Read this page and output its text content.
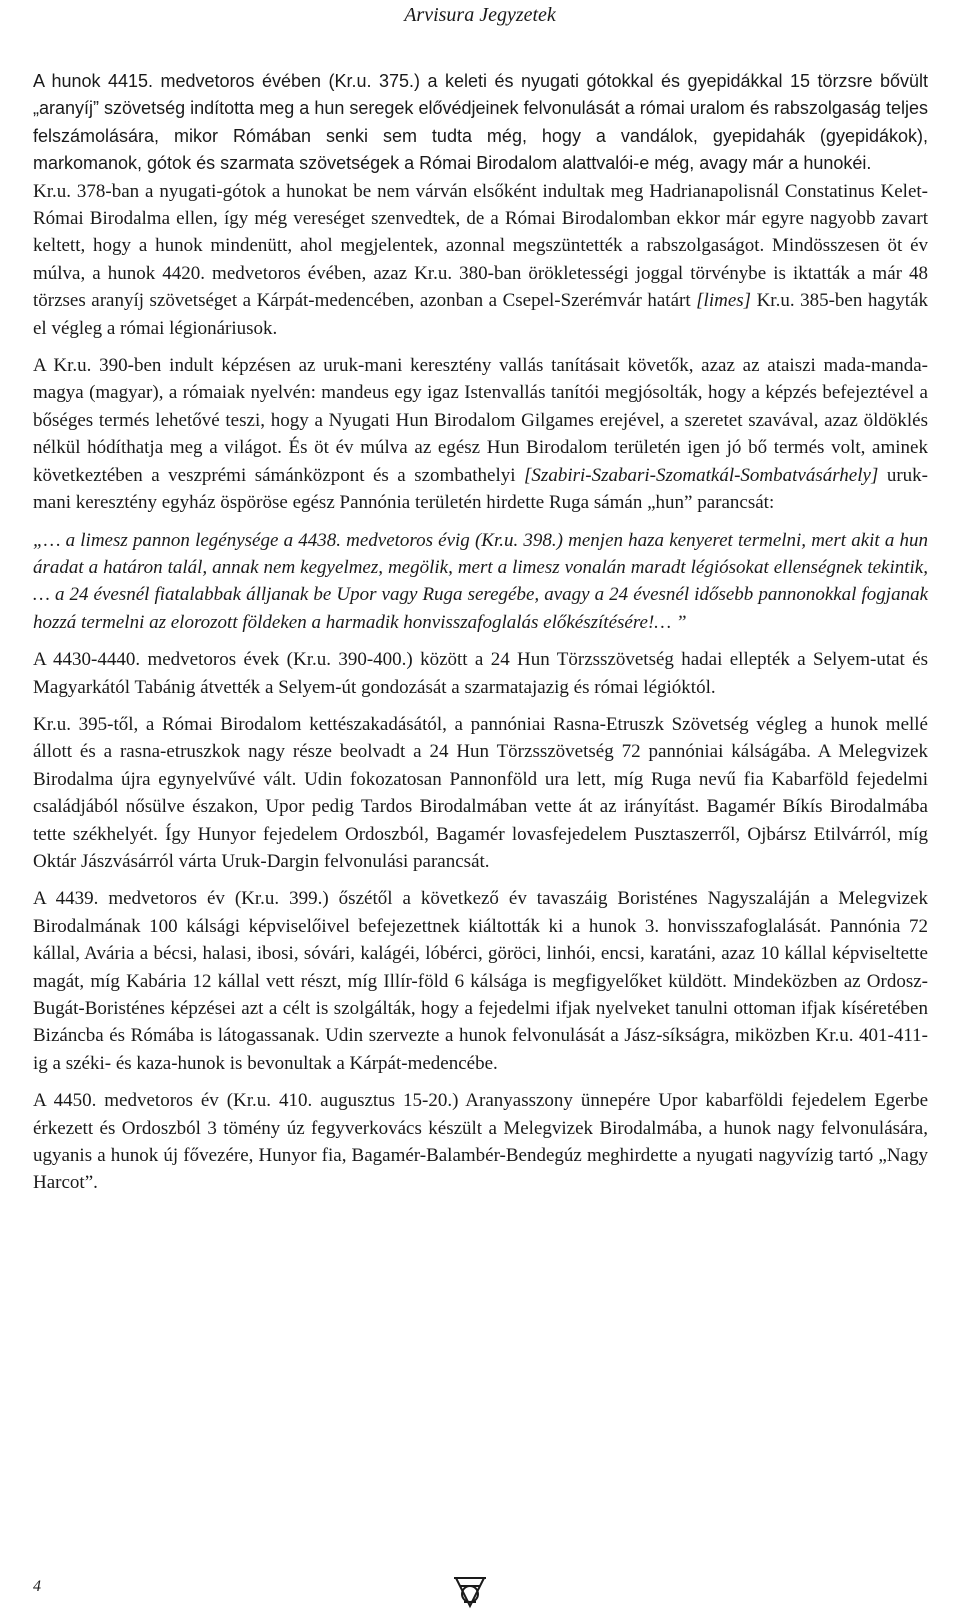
Arvisura Jegyzetek

A hunok 4415. medvetoros évében (Kr.u. 375.) a keleti és nyugati gótokkal és gyepidákkal 15 törzsre bővült „aranyíj” szövetség indította meg a hun seregek elővédjeinek felvonulását a római uralom és rabszolgaság teljes felszámolására, mikor Rómában senki sem tudta még, hogy a vandálok, gyepidahák (gyepidákok), markomanok, gótok és szarmata szövetségek a Római Birodalom alattvalói-e még, avagy már a hunokéi.

Kr.u. 378-ban a nyugati-gótok a hunokat be nem várván elsőként indultak meg Hadrianapolisnál Constatinus Kelet-Római Birodalma ellen, így még vereséget szenvedtek, de a Római Birodalomban ekkor már egyre nagyobb zavart keltett, hogy a hunok mindenütt, ahol megjelentek, azonnal megszüntették a rabszolgaságot. Mindösszesen öt év múlva, a hunok 4420. medvetoros évében, azaz Kr.u. 380-ban örökletességi joggal törvénybe is iktatták a már 48 törzses aranyíj szövetséget a Kárpát-medencében, azonban a Csepel-Szerémvár határt [limes] Kr.u. 385-ben hagyták el végleg a római légionáriusok.

A Kr.u. 390-ben indult képzésen az uruk-mani keresztény vallás tanításait követők, azaz az ataiszi mada-manda-magya (magyar), a rómaiak nyelvén: mandeus egy igaz Istenvallás tanítói megjósolták, hogy a képzés befejeztével a bőséges termés lehetővé teszi, hogy a Nyugati Hun Birodalom Gilgames erejével, a szeretet szavával, azaz öldöklés nélkül hódíthatja meg a világot. És öt év múlva az egész Hun Birodalom területén igen jó bő termés volt, aminek következtében a veszprémi sámánközpont és a szombathelyi [Szabiri-Szabari-Szomatkál-Sombatvásárhely] uruk-mani keresztény egyház öspöröse egész Pannónia területén hirdette Ruga sámán „hun” parancsát:

„… a limesz pannon legénysége a 4438. medvetoros évig (Kr.u. 398.) menjen haza kenyeret termelni, mert akit a hun áradat a határon talál, annak nem kegyelmez, megölik, mert a limesz vonalán maradt légiósokat ellenségnek tekintik, … a 24 évesnél fiatalabbak álljanak be Upor vagy Ruga seregébe, avagy a 24 évesnél idősebb pannonokkal fogjanak hozzá termelni az elorozott földeken a harmadik honvisszafoglalás előkészítésére!… ”

A 4430-4440. medvetoros évek (Kr.u. 390-400.) között a 24 Hun Törzsszövetség hadai ellepték a Selyem-utat és Magyarkától Tabánig átvették a Selyem-út gondozását a szarmatajazig és római légióktól.

Kr.u. 395-től, a Római Birodalom kettészakadásától, a pannóniai Rasna-Etruszk Szövetség végleg a hunok mellé állott és a rasna-etruszkok nagy része beolvadt a 24 Hun Törzsszövetség 72 pannóniai kálságába. A Melegvizek Birodalma újra egynyelvűvé vált. Udin fokozatosan Pannonföld ura lett, míg Ruga nevű fia Kabarföld fejedelmi családjából nősülve északon, Upor pedig Tardos Birodalmában vette át az irányítást. Bagamér Bíkís Birodalmába tette székhelyét. Így Hunyor fejedelem Ordoszból, Bagamér lovasfejedelem Pusztaszerről, Ojbársz Etilvárról, míg Oktár Jászvásárról várta Uruk-Dargin felvonulási parancsát.

A 4439. medvetoros év (Kr.u. 399.) őszétől a következő év tavaszáig Boristénes Nagyszaláján a Melegvizek Birodalmának 100 kálsági képviselőivel befejezettnek kiáltották ki a hunok 3. honvisszafoglalását. Pannónia 72 kállal, Avária a bécsi, halasi, ibosi, sóvári, kalágéi, lóbérci, göröci, linhói, encsi, karatáni, azaz 10 kállal képviseltette magát, míg Kabária 12 kállal vett részt, míg Illír-föld 6 kálsága is megfigyelőket küldött. Mindeközben az Ordosz-Bugát-Boristénes képzései azt a célt is szolgálták, hogy a fejedelmi ifjak nyelveket tanulni ottoman ifjak kíséretében Bizáncba és Rómába is látogassanak. Udin szervezte a hunok felvonulását a Jász-síkságra, miközben Kr.u. 401-411-ig a széki- és kaza-hunok is bevonultak a Kárpát-medencébe.

A 4450. medvetoros év (Kr.u. 410. augusztus 15-20.) Aranyasszony ünnepére Upor kabarföldi fejedelem Egerbe érkezett és Ordoszból 3 tömény úz fegyverkovács készült a Melegvizek Birodalmába, a hunok nagy felvonulására, ugyanis a hunok új fővezére, Hunyor fia, Bagamér-Balambér-Bendegúz meghirdette a nyugati nagyvízig tartó „Nagy Harcot”.

4
